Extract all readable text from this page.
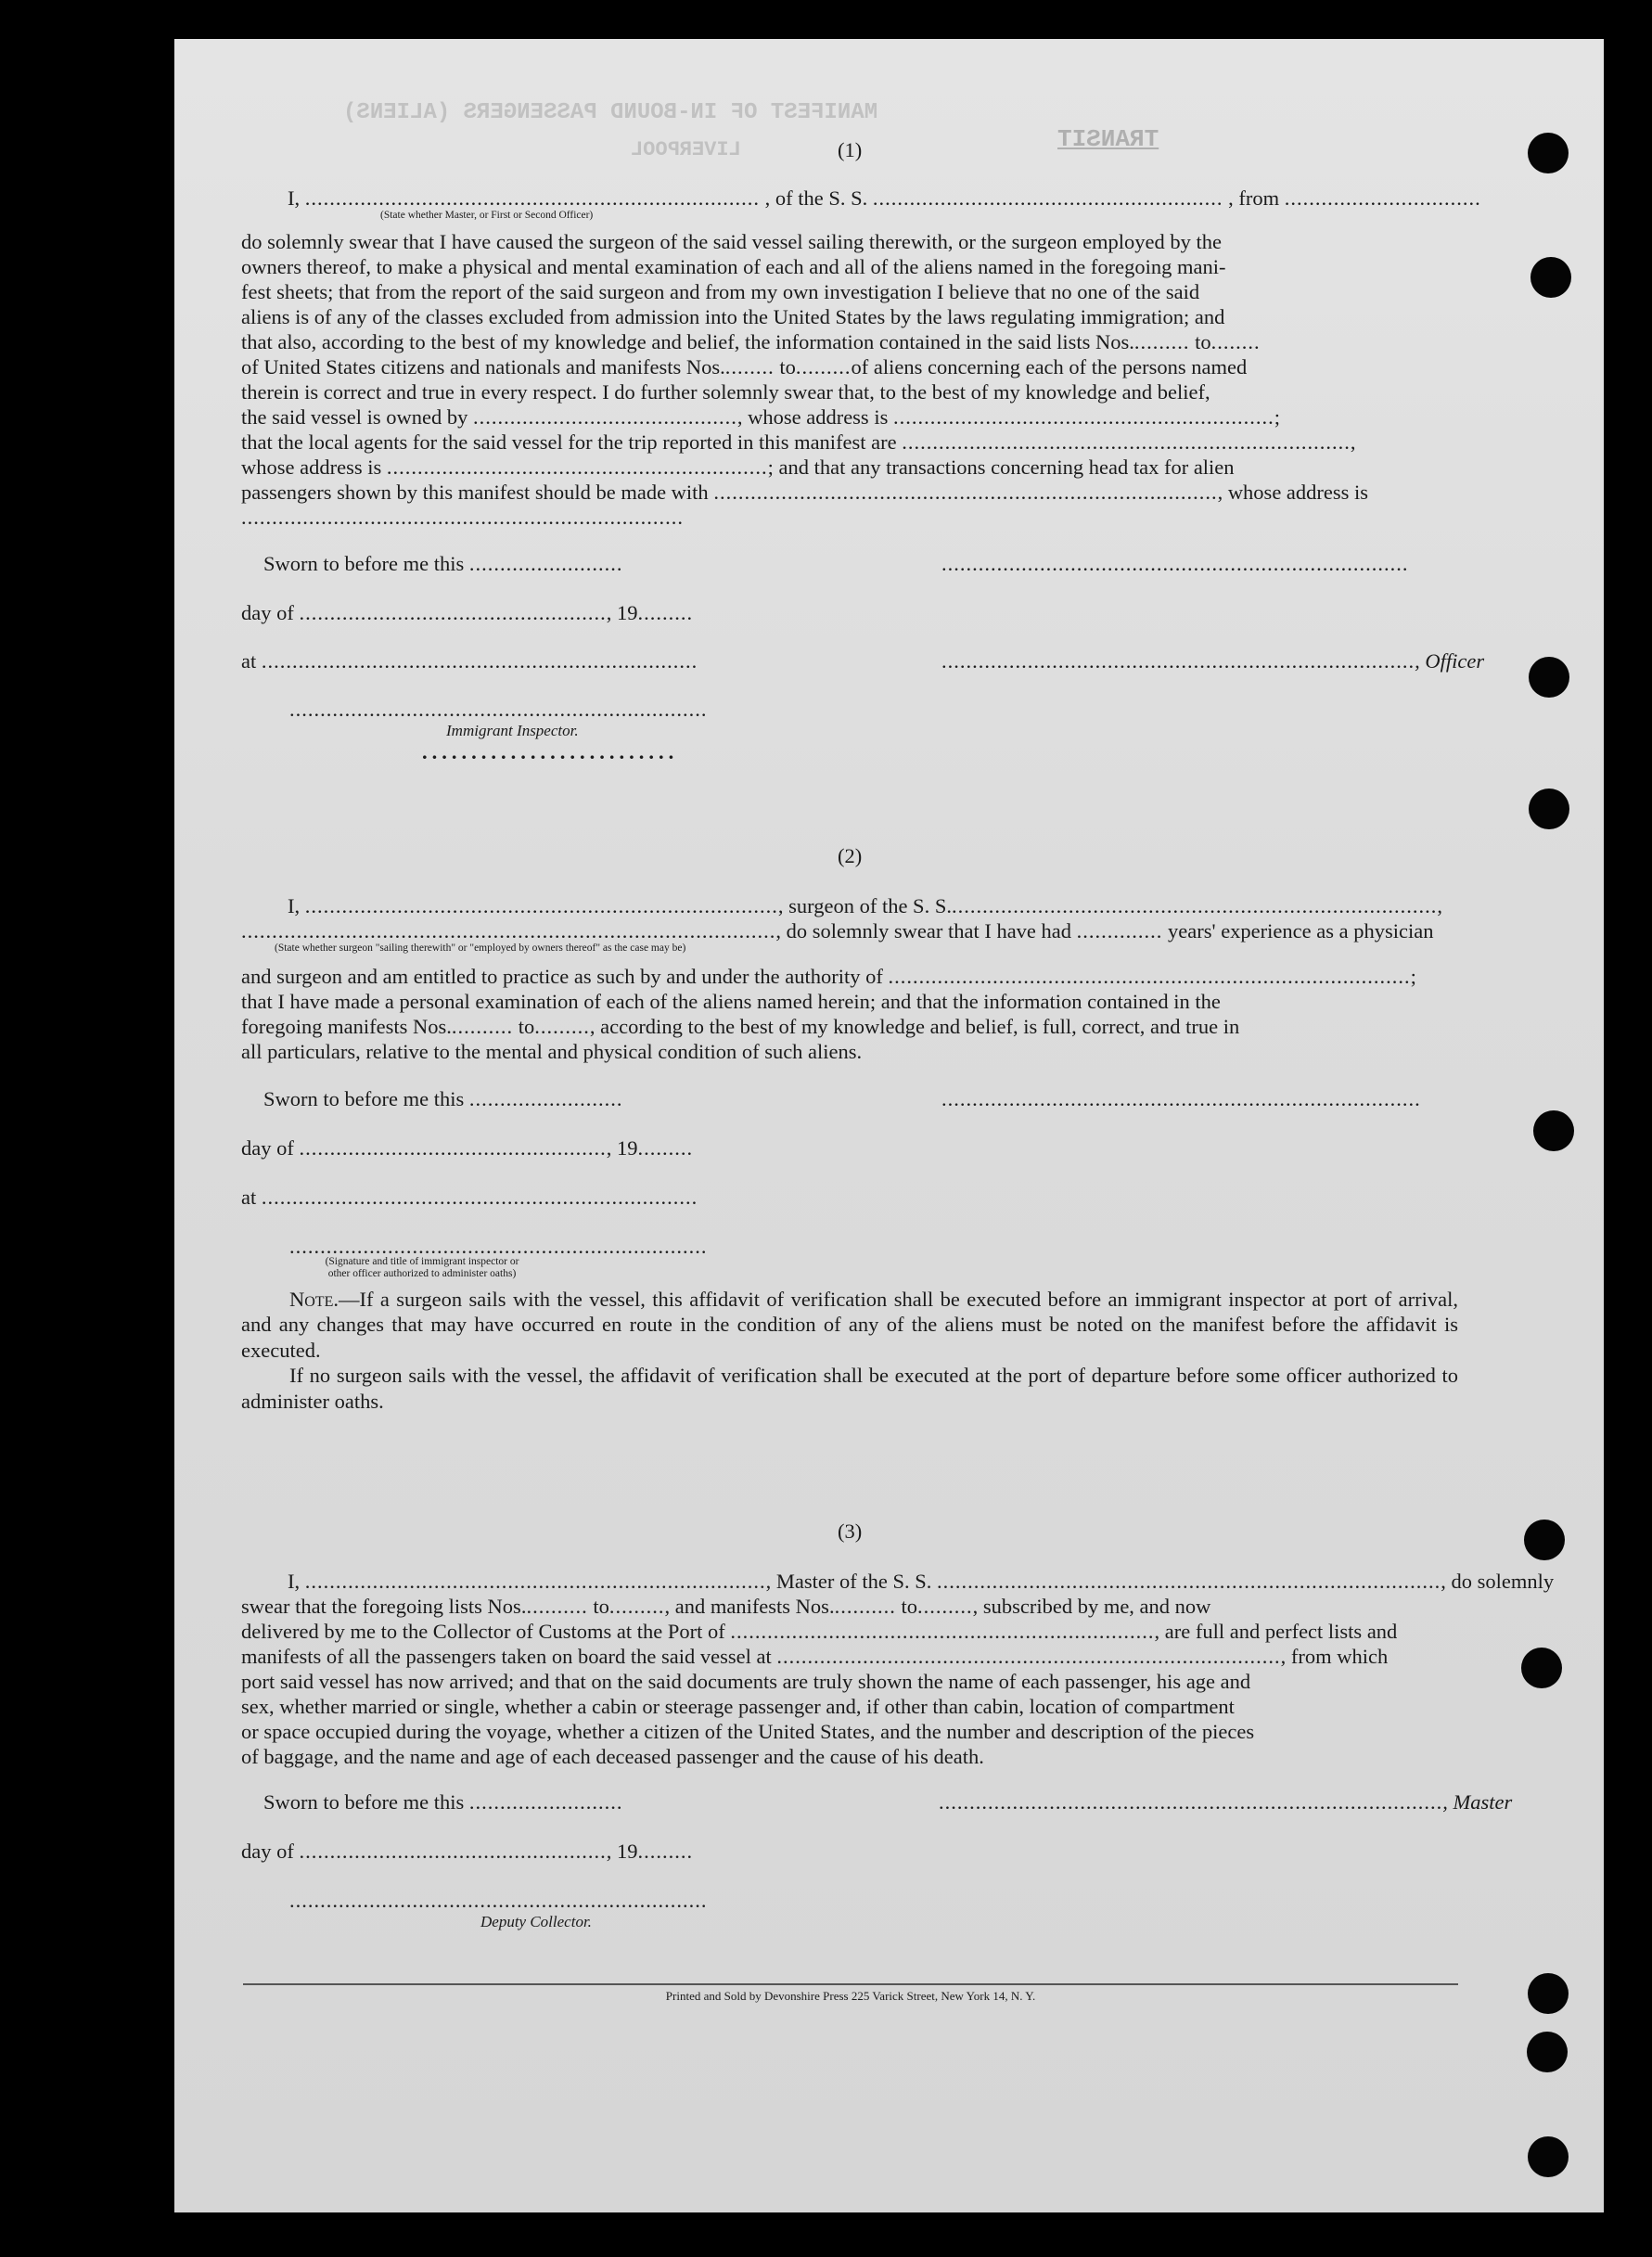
MANIFEST OF IN-BOUND PASSENGERS (ALIENS)
LIVERPOOL	TRANSIT
(1)
I, .......................................................................... , of the S. S. ......................................................... , from ................................
(State whether Master, or First or Second Officer)
do solemnly swear that I have caused the surgeon of the said vessel sailing therewith, or the surgeon employed by the
owners thereof, to make a physical and mental examination of each and all of the aliens named in the foregoing mani-
fest sheets; that from the report of the said surgeon and from my own investigation I believe that no one of the said
aliens is of any of the classes excluded from admission into the United States by the laws regulating immigration; and
that also, according to the best of my knowledge and belief, the information contained in the said lists Nos.......... to........
of United States citizens and nationals and manifests Nos......... to.........of aliens concerning each of the persons named
therein is correct and true in every respect. I do further solemnly swear that, to the best of my knowledge and belief,
the said vessel is owned by ..........................................., whose address is ..............................................................;
that the local agents for the said vessel for the trip reported in this manifest are .........................................................................,
whose address is ..............................................................; and that any transactions concerning head tax for alien
passengers shown by this manifest should be made with .................................................................................., whose address is
........................................................................
Sworn to before me this .........................	............................................................................
day of .................................................., 19.........
at .......................................................................	............................................................................., Officer
....................................................................
Immigrant Inspector.
..........................
(2)
I, ............................................................................., surgeon of the S. S................................................................................,
......................................................................................., do solemnly swear that I have had .............. years' experience as a physician
(State whether surgeon "sailing therewith" or "employed by owners thereof" as the case may be)
and surgeon and am entitled to practice as such by and under the authority of .....................................................................................;
that I have made a personal examination of each of the aliens named herein; and that the information contained in the
foregoing manifests Nos........... to........., according to the best of my knowledge and belief, is full, correct, and true in
all particulars, relative to the mental and physical condition of such aliens.
Sworn to before me this .........................	..............................................................................
day of .................................................., 19.........
at .......................................................................
....................................................................
(Signature and title of immigrant inspector or
other officer authorized to administer oaths)

Note.—If a surgeon sails with the vessel, this affidavit of verification shall be executed before an immigrant inspector at port of arrival, and any changes that may have occurred en route in the condition of any of the aliens must be noted on the manifest before the affidavit is executed.

If no surgeon sails with the vessel, the affidavit of verification shall be executed at the port of departure before some officer authorized to administer oaths.

(3)
I, ..........................................................................., Master of the S. S. .................................................................................., do solemnly
swear that the foregoing lists Nos........... to........., and manifests Nos........... to........., subscribed by me, and now
delivered by me to the Collector of Customs at the Port of ....................................................................., are full and perfect lists and
manifests of all the passengers taken on board the said vessel at .................................................................................., from which
port said vessel has now arrived; and that on the said documents are truly shown the name of each passenger, his age and
sex, whether married or single, whether a cabin or steerage passenger and, if other than cabin, location of compartment
or space occupied during the voyage, whether a citizen of the United States, and the number and description of the pieces
of baggage, and the name and age of each deceased passenger and the cause of his death.
Sworn to before me this .........................	.................................................................................., Master
day of .................................................., 19.........
....................................................................
Deputy Collector.
Printed and Sold by Devonshire Press 225 Varick Street, New York 14, N. Y.
